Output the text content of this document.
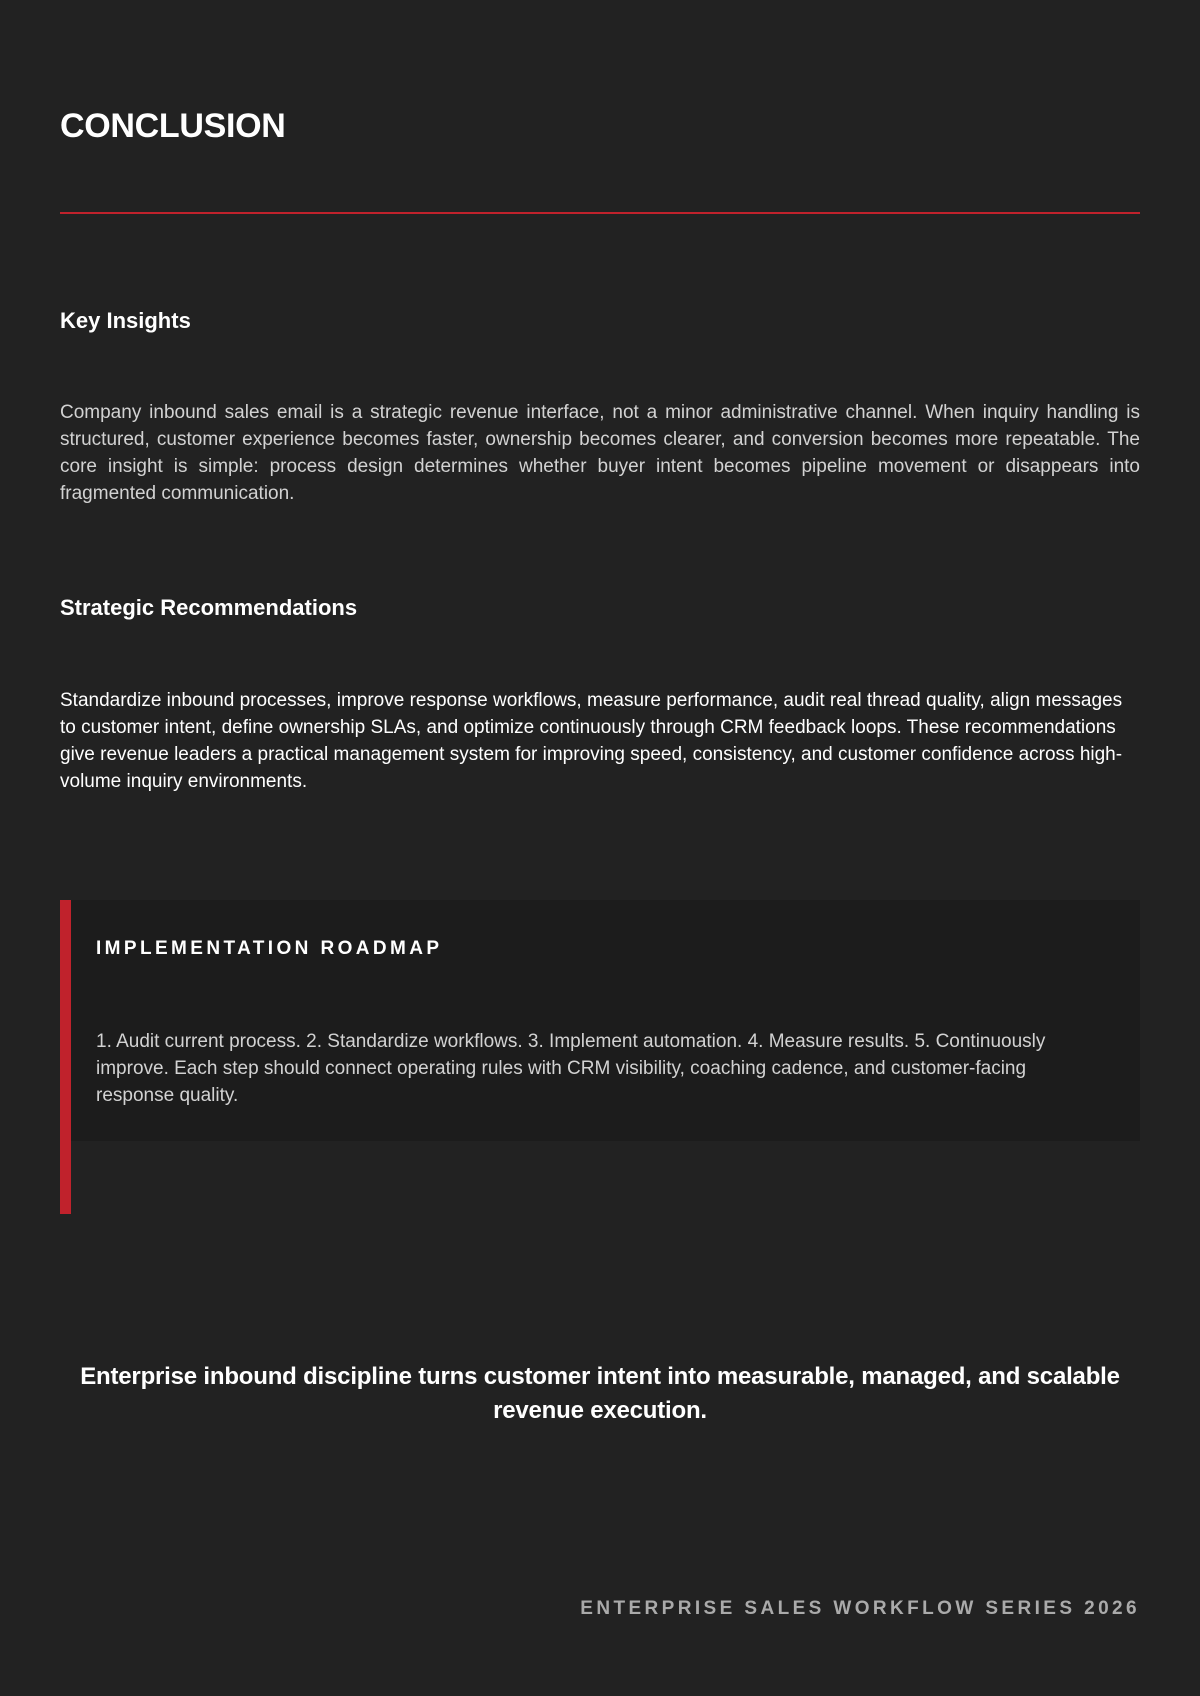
CONCLUSION
Key Insights

Company inbound sales email is a strategic revenue interface, not a minor administrative channel. When inquiry handling is structured, customer experience becomes faster, ownership becomes clearer, and conversion becomes more repeatable. The core insight is simple: process design determines whether buyer intent becomes pipeline movement or disappears into fragmented communication.

Strategic Recommendations

Standardize inbound processes, improve response workflows, measure performance, audit real thread quality, align messages to customer intent, define ownership SLAs, and optimize continuously through CRM feedback loops. These recommendations give revenue leaders a practical management system for improving speed, consistency, and customer confidence across high-volume inquiry environments.

IMPLEMENTATION ROADMAP

1. Audit current process. 2. Standardize workflows. 3. Implement automation. 4. Measure results. 5. Continuously improve. Each step should connect operating rules with CRM visibility, coaching cadence, and customer-facing response quality.

Enterprise inbound discipline turns customer intent into measurable, managed, and scalable revenue execution.

ENTERPRISE SALES WORKFLOW SERIES 2026
